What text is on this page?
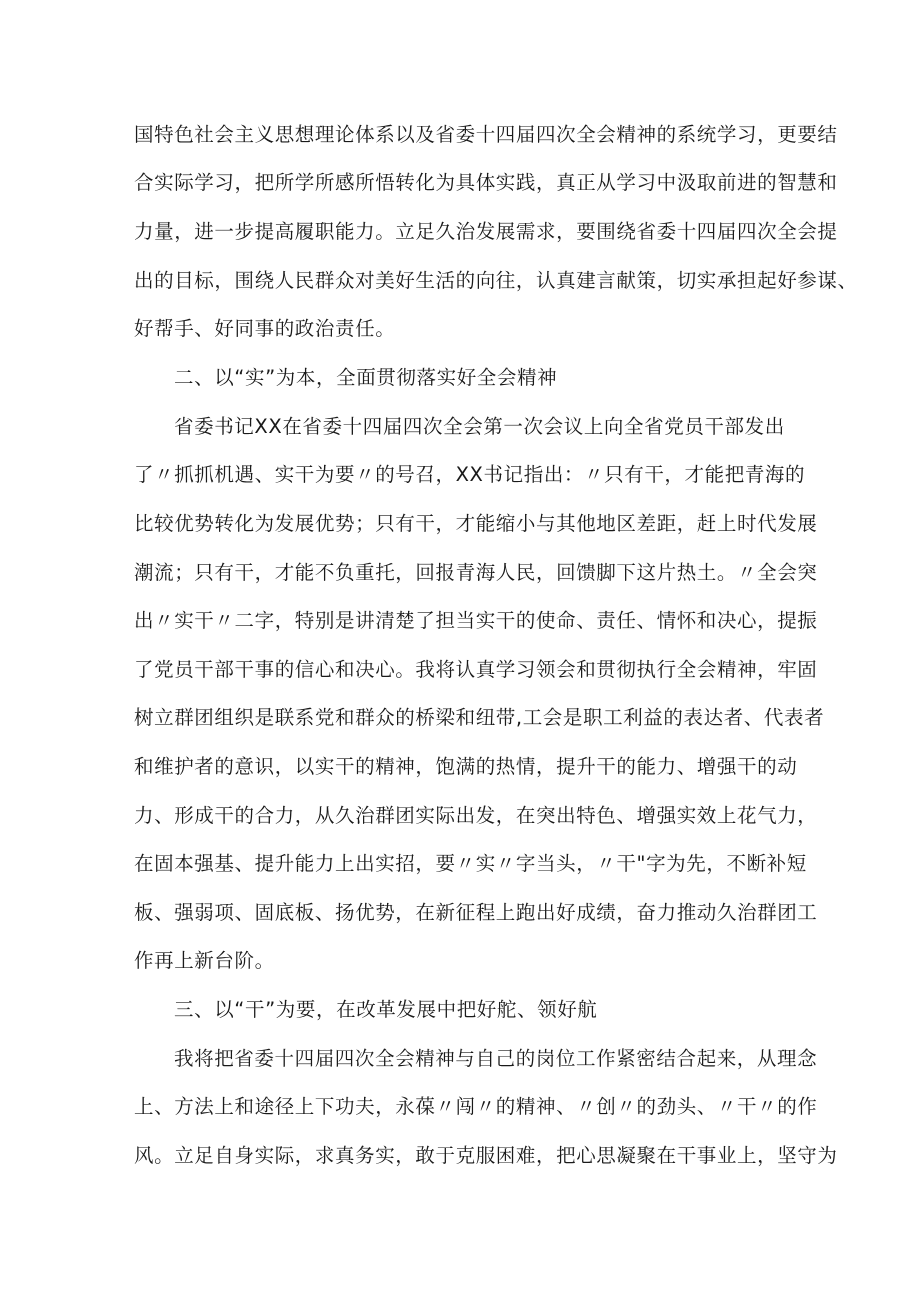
国特色社会主义思想理论体系以及省委十四届四次全会精神的系统学习，更要结
合实际学习，把所学所感所悟转化为具体实践，真正从学习中汲取前进的智慧和
力量，进一步提高履职能力。立足久治发展需求，要围绕省委十四届四次全会提
出的目标，围绕人民群众对美好生活的向往，认真建言献策，切实承担起好参谋、
好帮手、好同事的政治责任。
二、以“实”为本，全面贯彻落实好全会精神
省委书记XX在省委十四届四次全会第一次会议上向全省党员干部发出
了〃抓抓机遇、实干为要〃的号召，XX书记指出：〃只有干，才能把青海的
比较优势转化为发展优势；只有干，才能缩小与其他地区差距，赶上时代发展
潮流；只有干，才能不负重托，回报青海人民，回馈脚下这片热土。〃全会突
出〃实干〃二字，特别是讲清楚了担当实干的使命、责任、情怀和决心，提振
了党员干部干事的信心和决心。我将认真学习领会和贯彻执行全会精神，牢固
树立群团组织是联系党和群众的桥梁和纽带,工会是职工利益的表达者、代表者
和维护者的意识，以实干的精神，饱满的热情，提升干的能力、增强干的动
力、形成干的合力，从久治群团实际出发，在突出特色、增强实效上花气力，
在固本强基、提升能力上出实招，要〃实〃字当头，〃干"字为先，不断补短
板、强弱项、固底板、扬优势，在新征程上跑出好成绩，奋力推动久治群团工
作再上新台阶。
三、以“干”为要，在改革发展中把好舵、领好航
我将把省委十四届四次全会精神与自己的岗位工作紧密结合起来，从理念
上、方法上和途径上下功夫，永葆〃闯〃的精神、〃创〃的劲头、〃干〃的作
风。立足自身实际，求真务实，敢于克服困难，把心思凝聚在干事业上，坚守为
